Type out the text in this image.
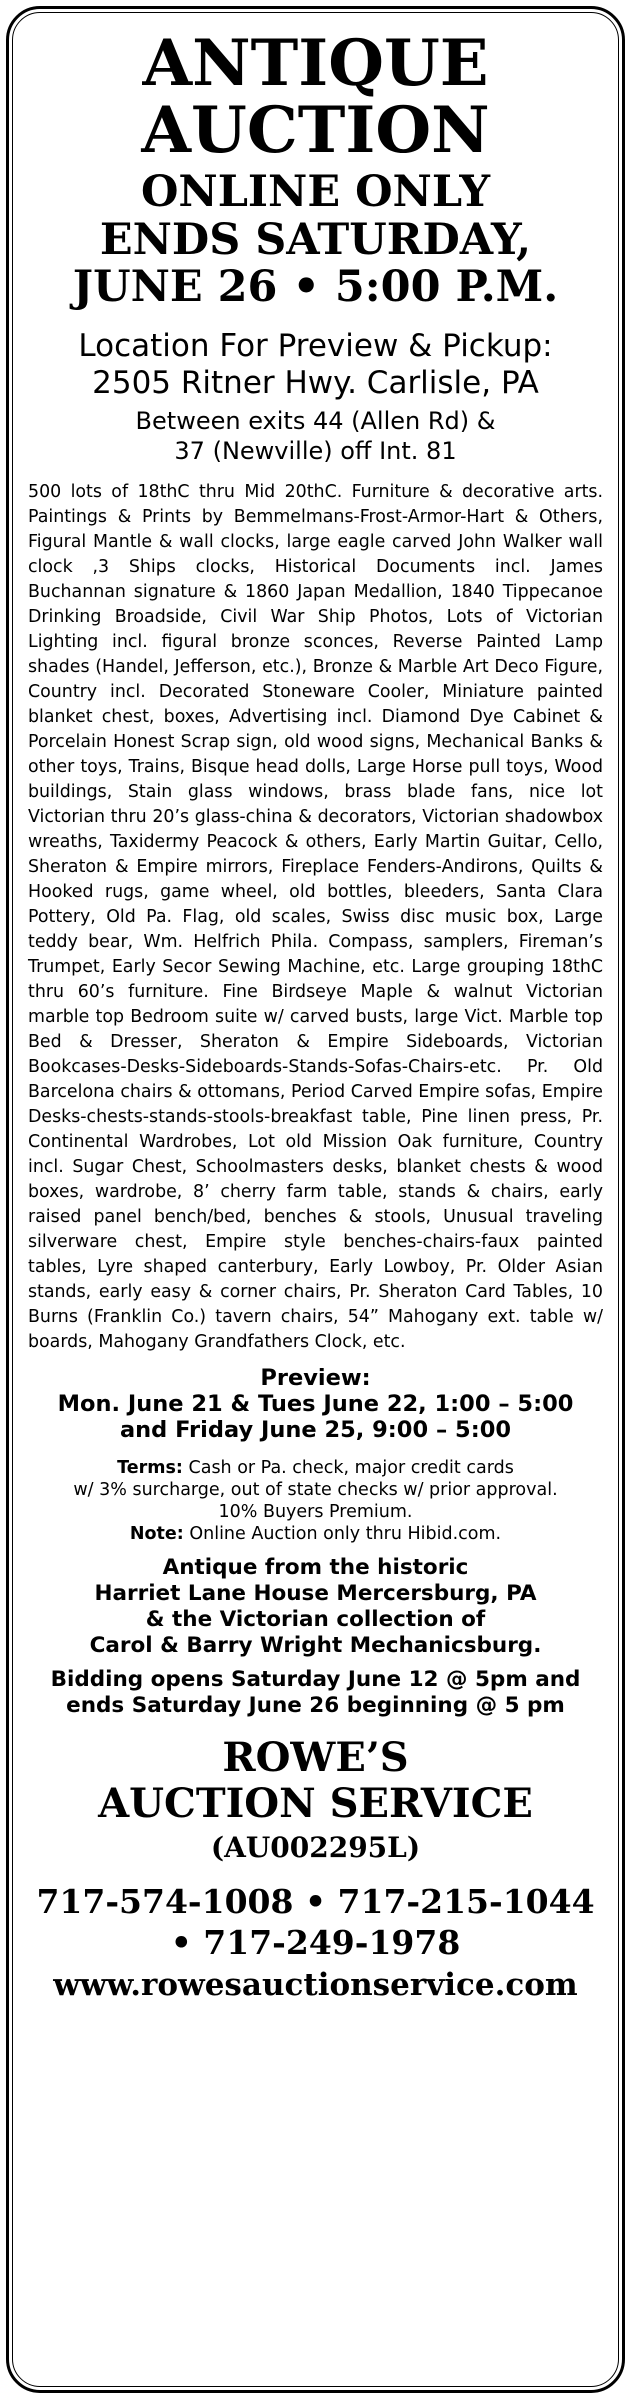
ANTIQUE

AUCTION

ONLINE ONLY

ENDS SATURDAY,

JUNE 26 • 5:00 P.M.

Location For Preview & Pickup:
2505 Ritner Hwy. Carlisle, PA

Between exits 44 (Allen Rd) &
37 (Newville) off Int. 81

500 lots of 18thC thru Mid 20thC. Furniture & decorative arts. Paintings & Prints by Bemmelmans-Frost-Armor-Hart & Others, Figural Mantle & wall clocks, large eagle carved John Walker wall clock ,3 Ships clocks, Historical Documents incl. James Buchannan signature & 1860 Japan Medallion, 1840 Tippecanoe Drinking Broadside, Civil War Ship Photos, Lots of Victorian Lighting incl. figural bronze sconces, Reverse Painted Lamp shades (Handel, Jefferson, etc.), Bronze & Marble Art Deco Figure, Country incl. Decorated Stoneware Cooler, Miniature painted blanket chest, boxes, Advertising incl. Diamond Dye Cabinet & Porcelain Honest Scrap sign, old wood signs, Mechanical Banks & other toys, Trains, Bisque head dolls, Large Horse pull toys, Wood buildings, Stain glass windows, brass blade fans, nice lot Victorian thru 20’s glass-china & decorators, Victorian shadowbox wreaths, Taxidermy Peacock & others, Early Martin Guitar, Cello, Sheraton & Empire mirrors, Fireplace Fenders-Andirons, Quilts & Hooked rugs, game wheel, old bottles, bleeders, Santa Clara Pottery, Old Pa. Flag, old scales, Swiss disc music box, Large teddy bear, Wm. Helfrich Phila. Compass, samplers, Fireman’s Trumpet, Early Secor Sewing Machine, etc. Large grouping 18thC thru 60’s furniture. Fine Birdseye Maple & walnut Victorian marble top Bedroom suite w/ carved busts, large Vict. Marble top Bed & Dresser, Sheraton & Empire Sideboards, Victorian Bookcases-Desks-Sideboards-Stands-Sofas-Chairs-etc. Pr. Old Barcelona chairs & ottomans, Period Carved Empire sofas, Empire Desks-chests-stands-stools-breakfast table, Pine linen press, Pr. Continental Wardrobes, Lot old Mission Oak furniture, Country incl. Sugar Chest, Schoolmasters desks, blanket chests & wood boxes, wardrobe, 8’ cherry farm table, stands & chairs, early raised panel bench/bed, benches & stools, Unusual traveling silverware chest, Empire style benches-chairs-faux painted tables, Lyre shaped canterbury, Early Lowboy, Pr. Older Asian stands, early easy & corner chairs, Pr. Sheraton Card Tables, 10 Burns (Franklin Co.) tavern chairs, 54” Mahogany ext. table w/ boards, Mahogany Grandfathers Clock, etc.

Preview:
Mon. June 21 & Tues June 22, 1:00 – 5:00
and Friday June 25, 9:00 – 5:00
Terms: Cash or Pa. check, major credit cards
w/ 3% surcharge, out of state checks w/ prior approval.
10% Buyers Premium.
Note: Online Auction only thru Hibid.com.
Antique from the historic
Harriet Lane House Mercersburg, PA
& the Victorian collection of
Carol & Barry Wright Mechanicsburg.
Bidding opens Saturday June 12 @ 5pm and
ends Saturday June 26 beginning @ 5 pm

ROWE’S

AUCTION SERVICE

(AU002295L)

717-574-1008 • 717-215-1044
• 717-249-1978

www.rowesauctionservice.com
